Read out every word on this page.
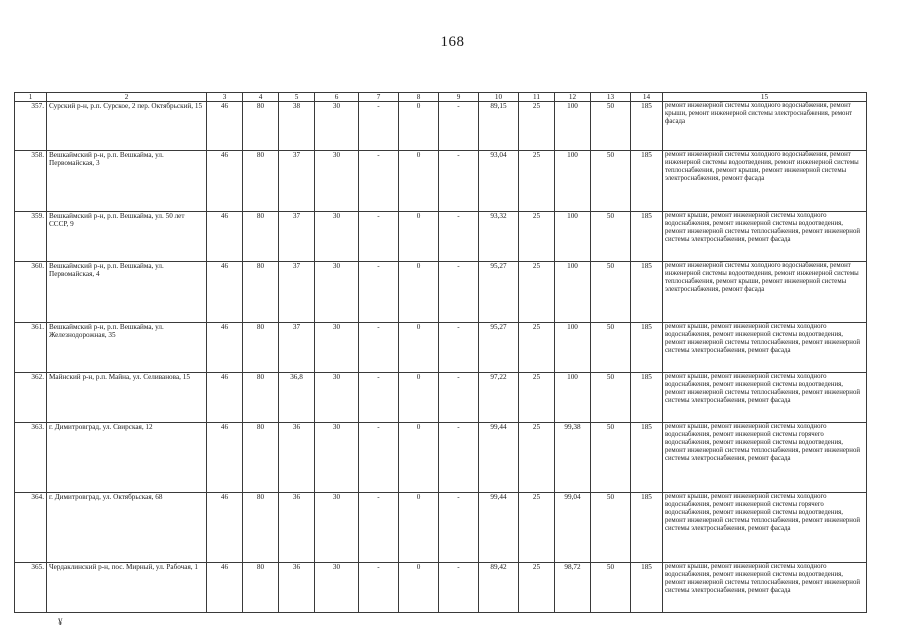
168
1	2	3	4	5	6	7	8	9	10	11	12	13	14	15
357.	Сурский р-н, р.п. Сурское, 2 пер. Октябрьский, 15	46	80	38	30	-	0	-	89,15	25	100	50	185	ремонт инженерной системы холодного водоснабжения, ремонт крыши, ремонт инженерной системы электроснабжения, ремонт фасада
358.	Вешкаймский р-н, р.п. Вешкайма, ул. Первомайская, 3	46	80	37	30	-	0	-	93,04	25	100	50	185	ремонт инженерной системы холодного водоснабжения, ремонт инженерной системы водоотведения, ремонт инженерной системы теплоснабжения, ремонт крыши, ремонт инженерной системы электроснабжения, ремонт фасада
359.	Вешкаймский р-н, р.п. Вешкайма, ул. 50 лет СССР, 9	46	80	37	30	-	0	-	93,32	25	100	50	185	ремонт крыши, ремонт инженерной системы холодного водоснабжения, ремонт инженерной системы водоотведения, ремонт инженерной системы теплоснабжения, ремонт инженерной системы электроснабжения, ремонт фасада
360.	Вешкаймский р-н, р.п. Вешкайма, ул. Первомайская, 4	46	80	37	30	-	0	-	95,27	25	100	50	185	ремонт инженерной системы холодного водоснабжения, ремонт инженерной системы водоотведения, ремонт инженерной системы теплоснабжения, ремонт крыши, ремонт инженерной системы электроснабжения, ремонт фасада
361.	Вешкаймский р-н, р.п. Вешкайма, ул. Железнодорожная, 35	46	80	37	30	-	0	-	95,27	25	100	50	185	ремонт крыши, ремонт инженерной системы холодного водоснабжения, ремонт инженерной системы водоотведения, ремонт инженерной системы теплоснабжения, ремонт инженерной системы электроснабжения, ремонт фасада
362.	Майнский р-н, р.п. Майна, ул. Селиванова, 15	46	80	36,8	30	-	0	-	97,22	25	100	50	185	ремонт крыши, ремонт инженерной системы холодного водоснабжения, ремонт инженерной системы водоотведения, ремонт инженерной системы теплоснабжения, ремонт инженерной системы электроснабжения, ремонт фасада
363.	г. Димитровград, ул. Свирская, 12	46	80	36	30	-	0	-	99,44	25	99,38	50	185	ремонт крыши, ремонт инженерной системы холодного водоснабжения, ремонт инженерной системы горячего водоснабжения, ремонт инженерной системы водоотведения, ремонт инженерной системы теплоснабжения, ремонт инженерной системы электроснабжения, ремонт фасада
364.	г. Димитровград, ул. Октябрьская, 68	46	80	36	30	-	0	-	99,44	25	99,04	50	185	ремонт крыши, ремонт инженерной системы холодного водоснабжения, ремонт инженерной системы горячего водоснабжения, ремонт инженерной системы водоотведения, ремонт инженерной системы теплоснабжения, ремонт инженерной системы электроснабжения, ремонт фасада
365.	Чердаклинский р-н, пос. Мирный, ул. Рабочая, 1	46	80	36	30	-	0	-	89,42	25	98,72	50	185	ремонт крыши, ремонт инженерной системы холодного водоснабжения, ремонт инженерной системы водоотведения, ремонт инженерной системы теплоснабжения, ремонт инженерной системы электроснабжения, ремонт фасада
¥
